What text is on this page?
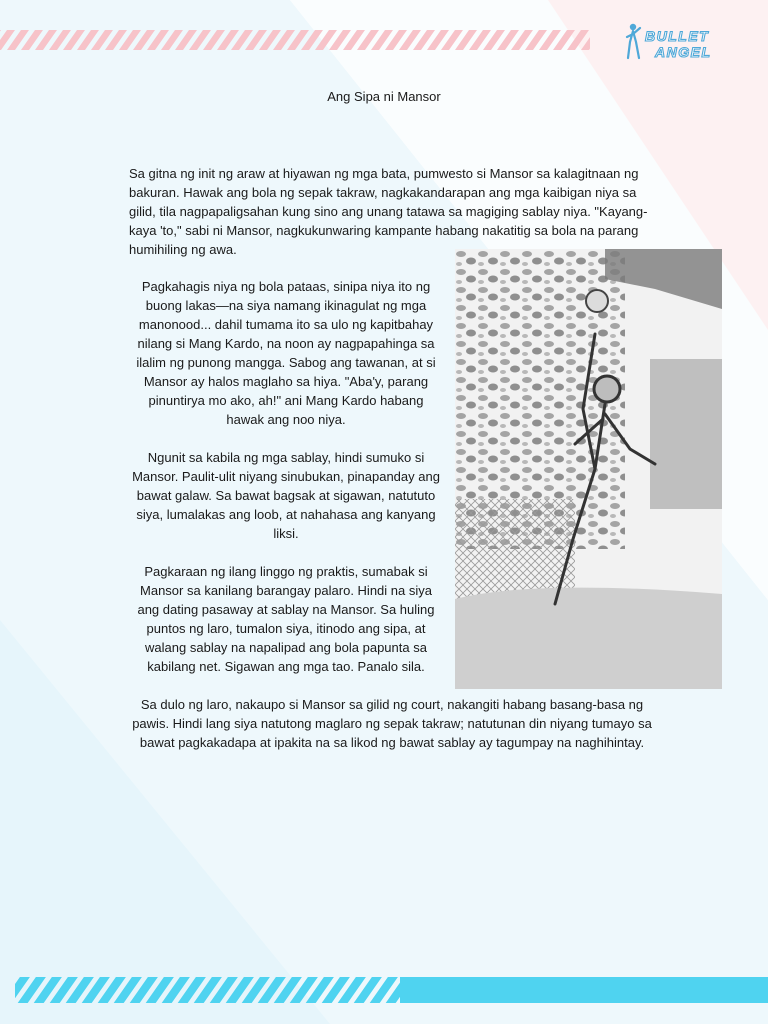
BULLET
ANGEL
Ang Sipa ni Mansor

Sa gitna ng init ng araw at hiyawan ng mga bata, pumwesto si Mansor sa kalagitnaan ng bakuran. Hawak ang bola ng sepak takraw, nagkakandarapan ang mga kaibigan niya sa gilid, tila nagpapaligsahan kung sino ang unang tatawa sa magiging sablay niya. "Kayang-kaya 'to," sabi ni Mansor, nagkukunwaring kampante habang nakatitig sa bola na parang humihiling ng awa.

Pagkahagis niya ng bola pataas, sinipa niya ito ng buong lakas—na siya namang ikinagulat ng mga manonood... dahil tumama ito sa ulo ng kapitbahay nilang si Mang Kardo, na noon ay nagpapahinga sa ilalim ng punong mangga. Sabog ang tawanan, at si Mansor ay halos maglaho sa hiya. "Aba'y, parang pinuntirya mo ako, ah!" ani Mang Kardo habang hawak ang noo niya.

Ngunit sa kabila ng mga sablay, hindi sumuko si Mansor. Paulit-ulit niyang sinubukan, pinapanday ang bawat galaw. Sa bawat bagsak at sigawan, natututo siya, lumalakas ang loob, at nahahasa ang kanyang liksi.

Pagkaraan ng ilang linggo ng praktis, sumabak si Mansor sa kanilang barangay palaro. Hindi na siya ang dating pasaway at sablay na Mansor. Sa huling puntos ng laro, tumalon siya, itinodo ang sipa, at walang sablay na napalipad ang bola papunta sa kabilang net. Sigawan ang mga tao. Panalo sila.

Sa dulo ng laro, nakaupo si Mansor sa gilid ng court, nakangiti habang basang-basa ng pawis. Hindi lang siya natutong maglaro ng sepak takraw; natutunan din niyang tumayo sa bawat pagkakadapa at ipakita na sa likod ng bawat sablay ay tagumpay na naghihintay.
